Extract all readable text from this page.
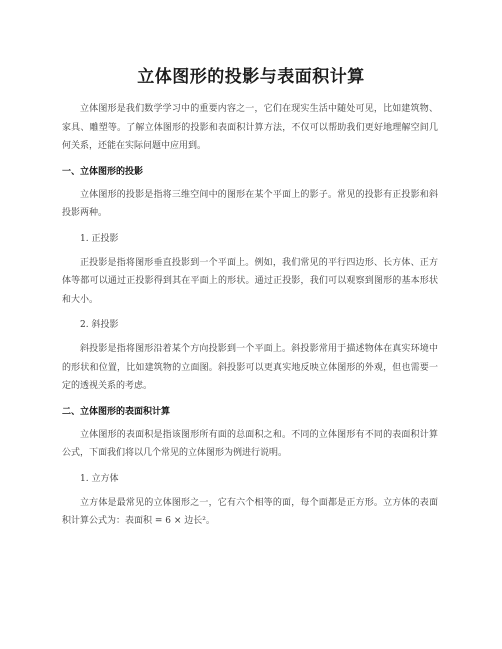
立体图形的投影与表面积计算

立体图形是我们数学学习中的重要内容之一，它们在现实生活中随处可见，比如建筑物、家具、雕塑等。了解立体图形的投影和表面积计算方法，不仅可以帮助我们更好地理解空间几何关系，还能在实际问题中应用到。

一、立体图形的投影

立体图形的投影是指将三维空间中的图形在某个平面上的影子。常见的投影有正投影和斜投影两种。

1. 正投影

正投影是指将图形垂直投影到一个平面上。例如，我们常见的平行四边形、长方体、正方体等都可以通过正投影得到其在平面上的形状。通过正投影，我们可以观察到图形的基本形状和大小。

2. 斜投影

斜投影是指将图形沿着某个方向投影到一个平面上。斜投影常用于描述物体在真实环境中的形状和位置，比如建筑物的立面图。斜投影可以更真实地反映立体图形的外观，但也需要一定的透视关系的考虑。

二、立体图形的表面积计算

立体图形的表面积是指该图形所有面的总面积之和。不同的立体图形有不同的表面积计算公式，下面我们将以几个常见的立体图形为例进行说明。

1. 立方体

立方体是最常见的立体图形之一，它有六个相等的面，每个面都是正方形。立方体的表面积计算公式为：表面积 = 6 × 边长²。
